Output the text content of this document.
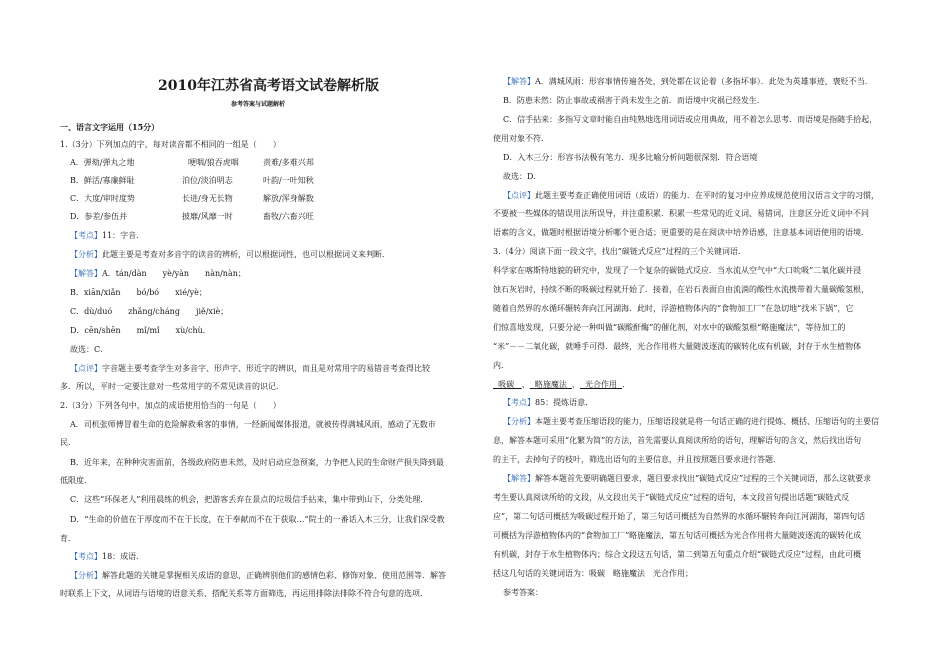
2010年江苏省高考语文试卷解析版
参考答案与试题解析
一、语言文字运用（15分）
1.（3分）下列加点的字，每对读音都不相同的一组是（　　）
A．弹劾/弹丸之地	哽咽/狼吞虎咽	责难/多难兴邦
B．鲜活/寡廉鲜耻	泊位/淡泊明志	叶韵/一叶知秋
C．大度/审时度势	长进/身无长物	解放/浑身解数
D．参差/参伍并	披靡/风靡一时	畜牧/六畜兴旺
【考点】11：字音．
【分析】此题主要是考查对多音字的读音的辨析，可以根据词性，也可以根据词义来判断．
【解答】A．tán/dàn　　yè/yàn　　nàn/nàn；
B．xiān/xiǎn　　bó/bó　　xié/yè；
C．dù/duó　　zhǎng/cháng　　jiě/xiè；
D．cēn/shēn　　mǐ/mǐ　　xù/chù．
故选：C．
【点评】字音题主要考查学生对多音字、形声字、形近字的辨识，而且是对常用字的易错音考查得比较
多．所以，平时一定要注意对一些常用字的不常见读音的识记．
2.（3分）下列各句中，加点的成语使用恰当的一句是（　　）
A．司机张师傅冒着生命的危险解救乘客的事情，一经新闻媒体报道，就被传得满城风雨，感动了无数市
民．
B．近年来，在种种灾害面前，各级政府防患未然，及时启动应急预案，力争把人民的生命财产损失降到最
低限度．
C．这些“环保老人”利用晨练的机会，把游客丢弃在景点的垃圾信手拈来，集中带到山下，分类处理．
D．“生命的价值在于厚度而不在于长度，在于奉献而不在于获取…”院士的一番话入木三分，让我们深受教
育．
【考点】18：成语．
【分析】解答此题的关键是掌握相关成语的意思，正确辨别他们的感情色彩、修饰对象、使用范围等．解答
时联系上下文，从词语与语境的语意关系、搭配关系等方面筛选，再运用排除法排除不符合句意的选项．
【解答】A．满城风雨：形容事情传遍各处，到处都在议论着（多指坏事）．此处为英雄事迹，褒贬不当．
B．防患未然：防止事故或祸害于尚未发生之前．而语境中灾祸已经发生．
C．信手拈来：多指写文章时能自由纯熟地选用词语或应用典故，用不着怎么思考．而语境是指随手拾起，
使用对象不符．
D．入木三分：形容书法极有笔力．现多比喻分析问题很深刻．符合语境
故选：D．
【点评】此题主要考查正确使用词语（成语）的能力．在平时的复习中应养成规范使用汉语言文字的习惯，
不要被一些媒体的错误用法所误导，并注重积累．积累一些常见的近义词、易错词，注意区分近义词中不同
语素的含义，做题时根据语境分析哪个更合适；更重要的是在阅读中培养语感，注意基本词语使用的语境．
3.（4分）阅读下面一段文字，找出“碳链式反应”过程的三个关键词语．
科学家在喀斯特地貌的研究中，发现了一个复杂的碳链式反应．当水流从空气中“大口吮吸”二氧化碳并浸
蚀石灰岩时，持续不断的吸碳过程就开始了．接着，在岩石表面自由流淌的酸性水流携带着大量碳酸氢根，
随着自然界的水循环辗转奔向江河湖海．此时，浮游植物体内的“食物加工厂”在急切地“找米下锅”，它
们惊喜地发现，只要分泌一种叫做“碳酸酐酶”的催化剂，对水中的碳酸氢根“略施魔法”，等待加工的
“米”－－二氧化碳，就唾手可得．最终，光合作用将大量随波逐流的碳转化成有机碳，封存于水生植物体
内．
吸碳 、 略施魔法 、 光合作用 ．
【考点】85：提炼语意．
【分析】本题主要考查压缩语段的能力，压缩语段就是将一句话正确的进行提炼、概括、压缩语句的主要信
息，解答本题可采用“化繁为简”的方法，首先需要认真阅读所给的语句，理解语句的含义，然后找出语句
的主干，去掉句子的枝叶，筛选出语句的主要信息，并且按照题目要求进行答题．
【解答】解答本题首先要明确题目要求，题目要求找出“碳链式反应”过程的三个关键词语，那么这就要求
考生要认真阅读所给的文段，从文段出关于“碳链式反应”过程的语句，本文段首句提出话题“碳链式反
应”，第二句话可概括为吸碳过程开始了，第三句话可概括为自然界的水循环辗转奔向江河湖海，第四句话
可概括为浮游植物体内的“食物加工厂”略施魔法，第五句话可概括为光合作用将大量随波逐流的碳转化成
有机碳，封存于水生植物体内；综合文段这五句话，第二到第五句重点介绍“碳链式反应”过程，由此可概
括这几句话的关键词语为：吸碳　略施魔法　光合作用；
参考答案：
